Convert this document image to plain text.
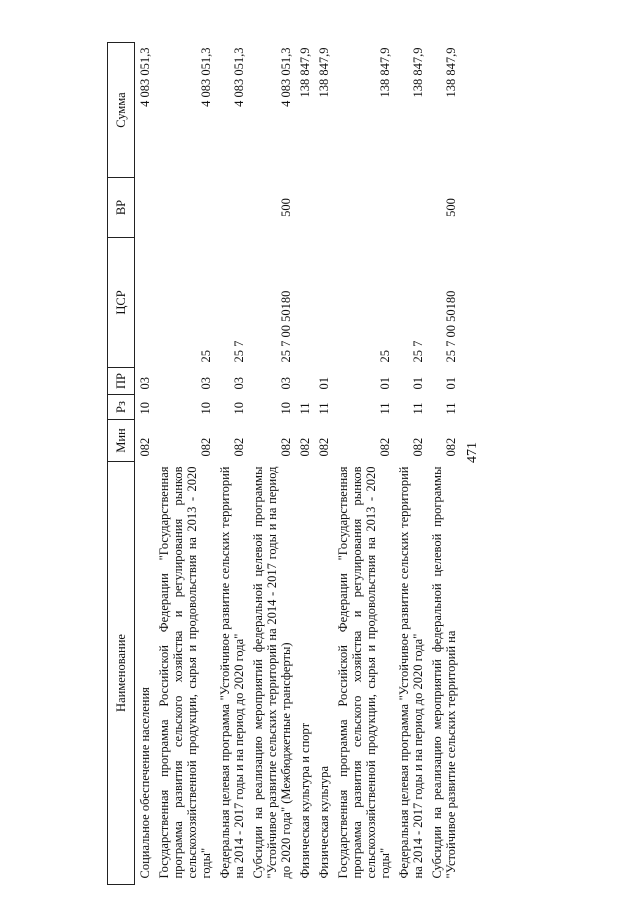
471
Наименование	Мин	Рз	ПР	ЦСР	ВР	Сумма
Социальное обеспечение населения	082	10	03			4 083 051,3
Государственная программа Российской Федерации "Государственная программа развития сельского хозяйства и регулирования рынков сельскохозяйственной продукции, сырья и продовольствия на 2013 - 2020 годы"	082	10	03	25		4 083 051,3
Федеральная целевая программа "Устойчивое развитие сельских территорий на 2014 - 2017 годы и на период до 2020 года"	082	10	03	25 7		4 083 051,3
Субсидии на реализацию мероприятий федеральной целевой программы "Устойчивое развитие сельских территорий на 2014 - 2017 годы и на период до 2020 года" (Межбюджетные трансферты)	082	10	03	25 7 00 50180	500	4 083 051,3
Физическая культура и спорт	082	11				138 847,9
Физическая культура	082	11	01			138 847,9
Государственная программа Российской Федерации "Государственная программа развития сельского хозяйства и регулирования рынков сельскохозяйственной продукции, сырья и продовольствия на 2013 - 2020 годы"	082	11	01	25		138 847,9
Федеральная целевая программа "Устойчивое развитие сельских территорий на 2014 - 2017 годы и на период до 2020 года"	082	11	01	25 7		138 847,9
Субсидии на реализацию мероприятий федеральной целевой программы "Устойчивое развитие сельских территорий на	082	11	01	25 7 00 50180	500	138 847,9
